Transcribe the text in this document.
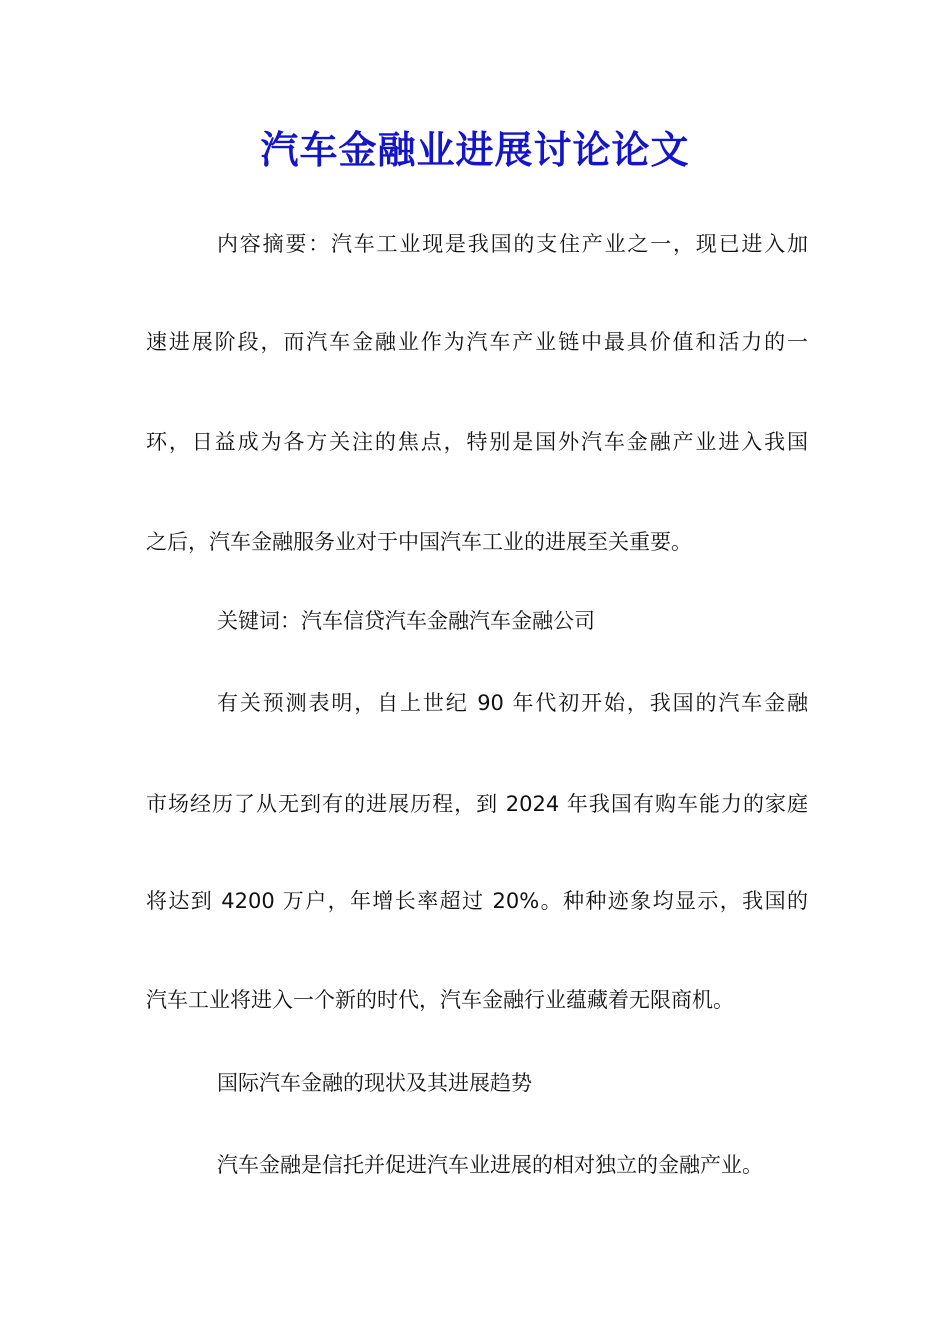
汽车金融业进展讨论论文
内容摘要：汽车工业现是我国的支住产业之一，现已进入加
速进展阶段，而汽车金融业作为汽车产业链中最具价值和活力的一
环，日益成为各方关注的焦点，特别是国外汽车金融产业进入我国
之后，汽车金融服务业对于中国汽车工业的进展至关重要。
关键词：汽车信贷汽车金融汽车金融公司
有关预测表明，自上世纪 90 年代初开始，我国的汽车金融
市场经历了从无到有的进展历程，到 2024 年我国有购车能力的家庭
将达到 4200 万户，年增长率超过 20%。种种迹象均显示，我国的
汽车工业将进入一个新的时代，汽车金融行业蕴藏着无限商机。
国际汽车金融的现状及其进展趋势
汽车金融是信托并促进汽车业进展的相对独立的金融产业。
